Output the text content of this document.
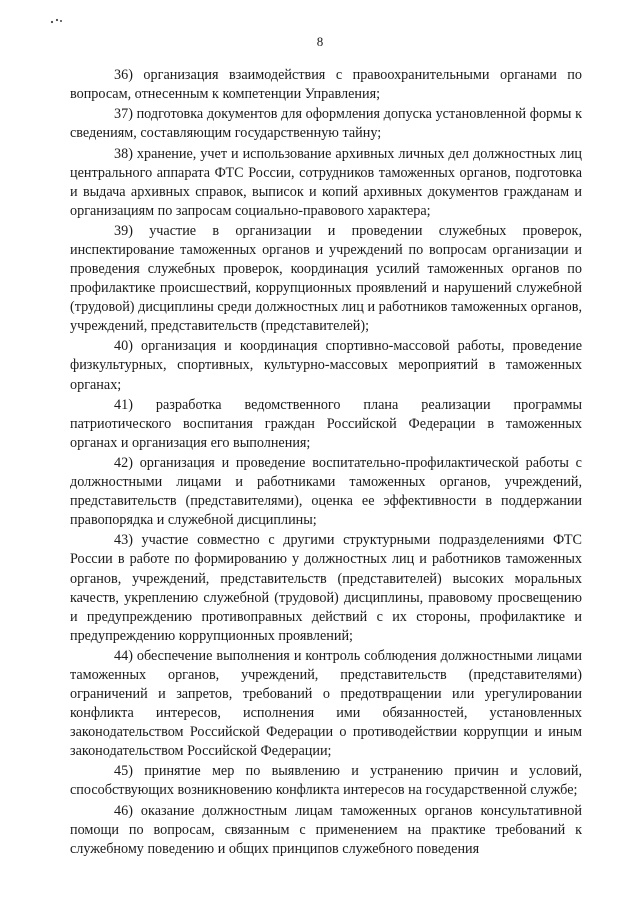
8

36) организация взаимодействия с правоохранительными органами по вопросам, отнесенным к компетенции Управления;

37) подготовка документов для оформления допуска установленной формы к сведениям, составляющим государственную тайну;

38) хранение, учет и использование архивных личных дел должностных лиц центрального аппарата ФТС России, сотрудников таможенных органов, подготовка и выдача архивных справок, выписок и копий архивных документов гражданам и организациям по запросам социально-правового характера;

39) участие в организации и проведении служебных проверок, инспектирование таможенных органов и учреждений по вопросам организации и проведения служебных проверок, координация усилий таможенных органов по профилактике происшествий, коррупционных проявлений и нарушений служебной (трудовой) дисциплины среди должностных лиц и работников таможенных органов, учреждений, представительств (представителей);

40) организация и координация спортивно-массовой работы, проведение физкультурных, спортивных, культурно-массовых мероприятий в таможенных органах;

41) разработка ведомственного плана реализации программы патриотического воспитания граждан Российской Федерации в таможенных органах и организация его выполнения;

42) организация и проведение воспитательно-профилактической работы с должностными лицами и работниками таможенных органов, учреждений, представительств (представителями), оценка ее эффективности в поддержании правопорядка и служебной дисциплины;

43) участие совместно с другими структурными подразделениями ФТС России в работе по формированию у должностных лиц и работников таможенных органов, учреждений, представительств (представителей) высоких моральных качеств, укреплению служебной (трудовой) дисциплины, правовому просвещению и предупреждению противоправных действий с их стороны, профилактике и предупреждению коррупционных проявлений;

44) обеспечение выполнения и контроль соблюдения должностными лицами таможенных органов, учреждений, представительств (представителями) ограничений и запретов, требований о предотвращении или урегулировании конфликта интересов, исполнения ими обязанностей, установленных законодательством Российской Федерации о противодействии коррупции и иным законодательством Российской Федерации;

45) принятие мер по выявлению и устранению причин и условий, способствующих возникновению конфликта интересов на государственной службе;

46) оказание должностным лицам таможенных органов консультативной помощи по вопросам, связанным с применением на практике требований к служебному поведению и общих принципов служебного поведения
